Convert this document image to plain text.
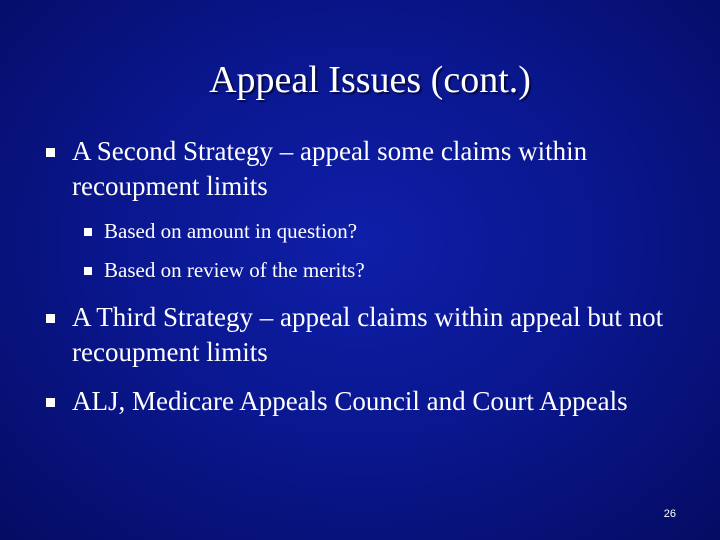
Appeal Issues (cont.)
A Second Strategy – appeal some claims within recoupment limits
Based on amount in question?
Based on review of the merits?
A Third Strategy – appeal claims within appeal but not recoupment limits
ALJ, Medicare Appeals Council and Court Appeals
26
